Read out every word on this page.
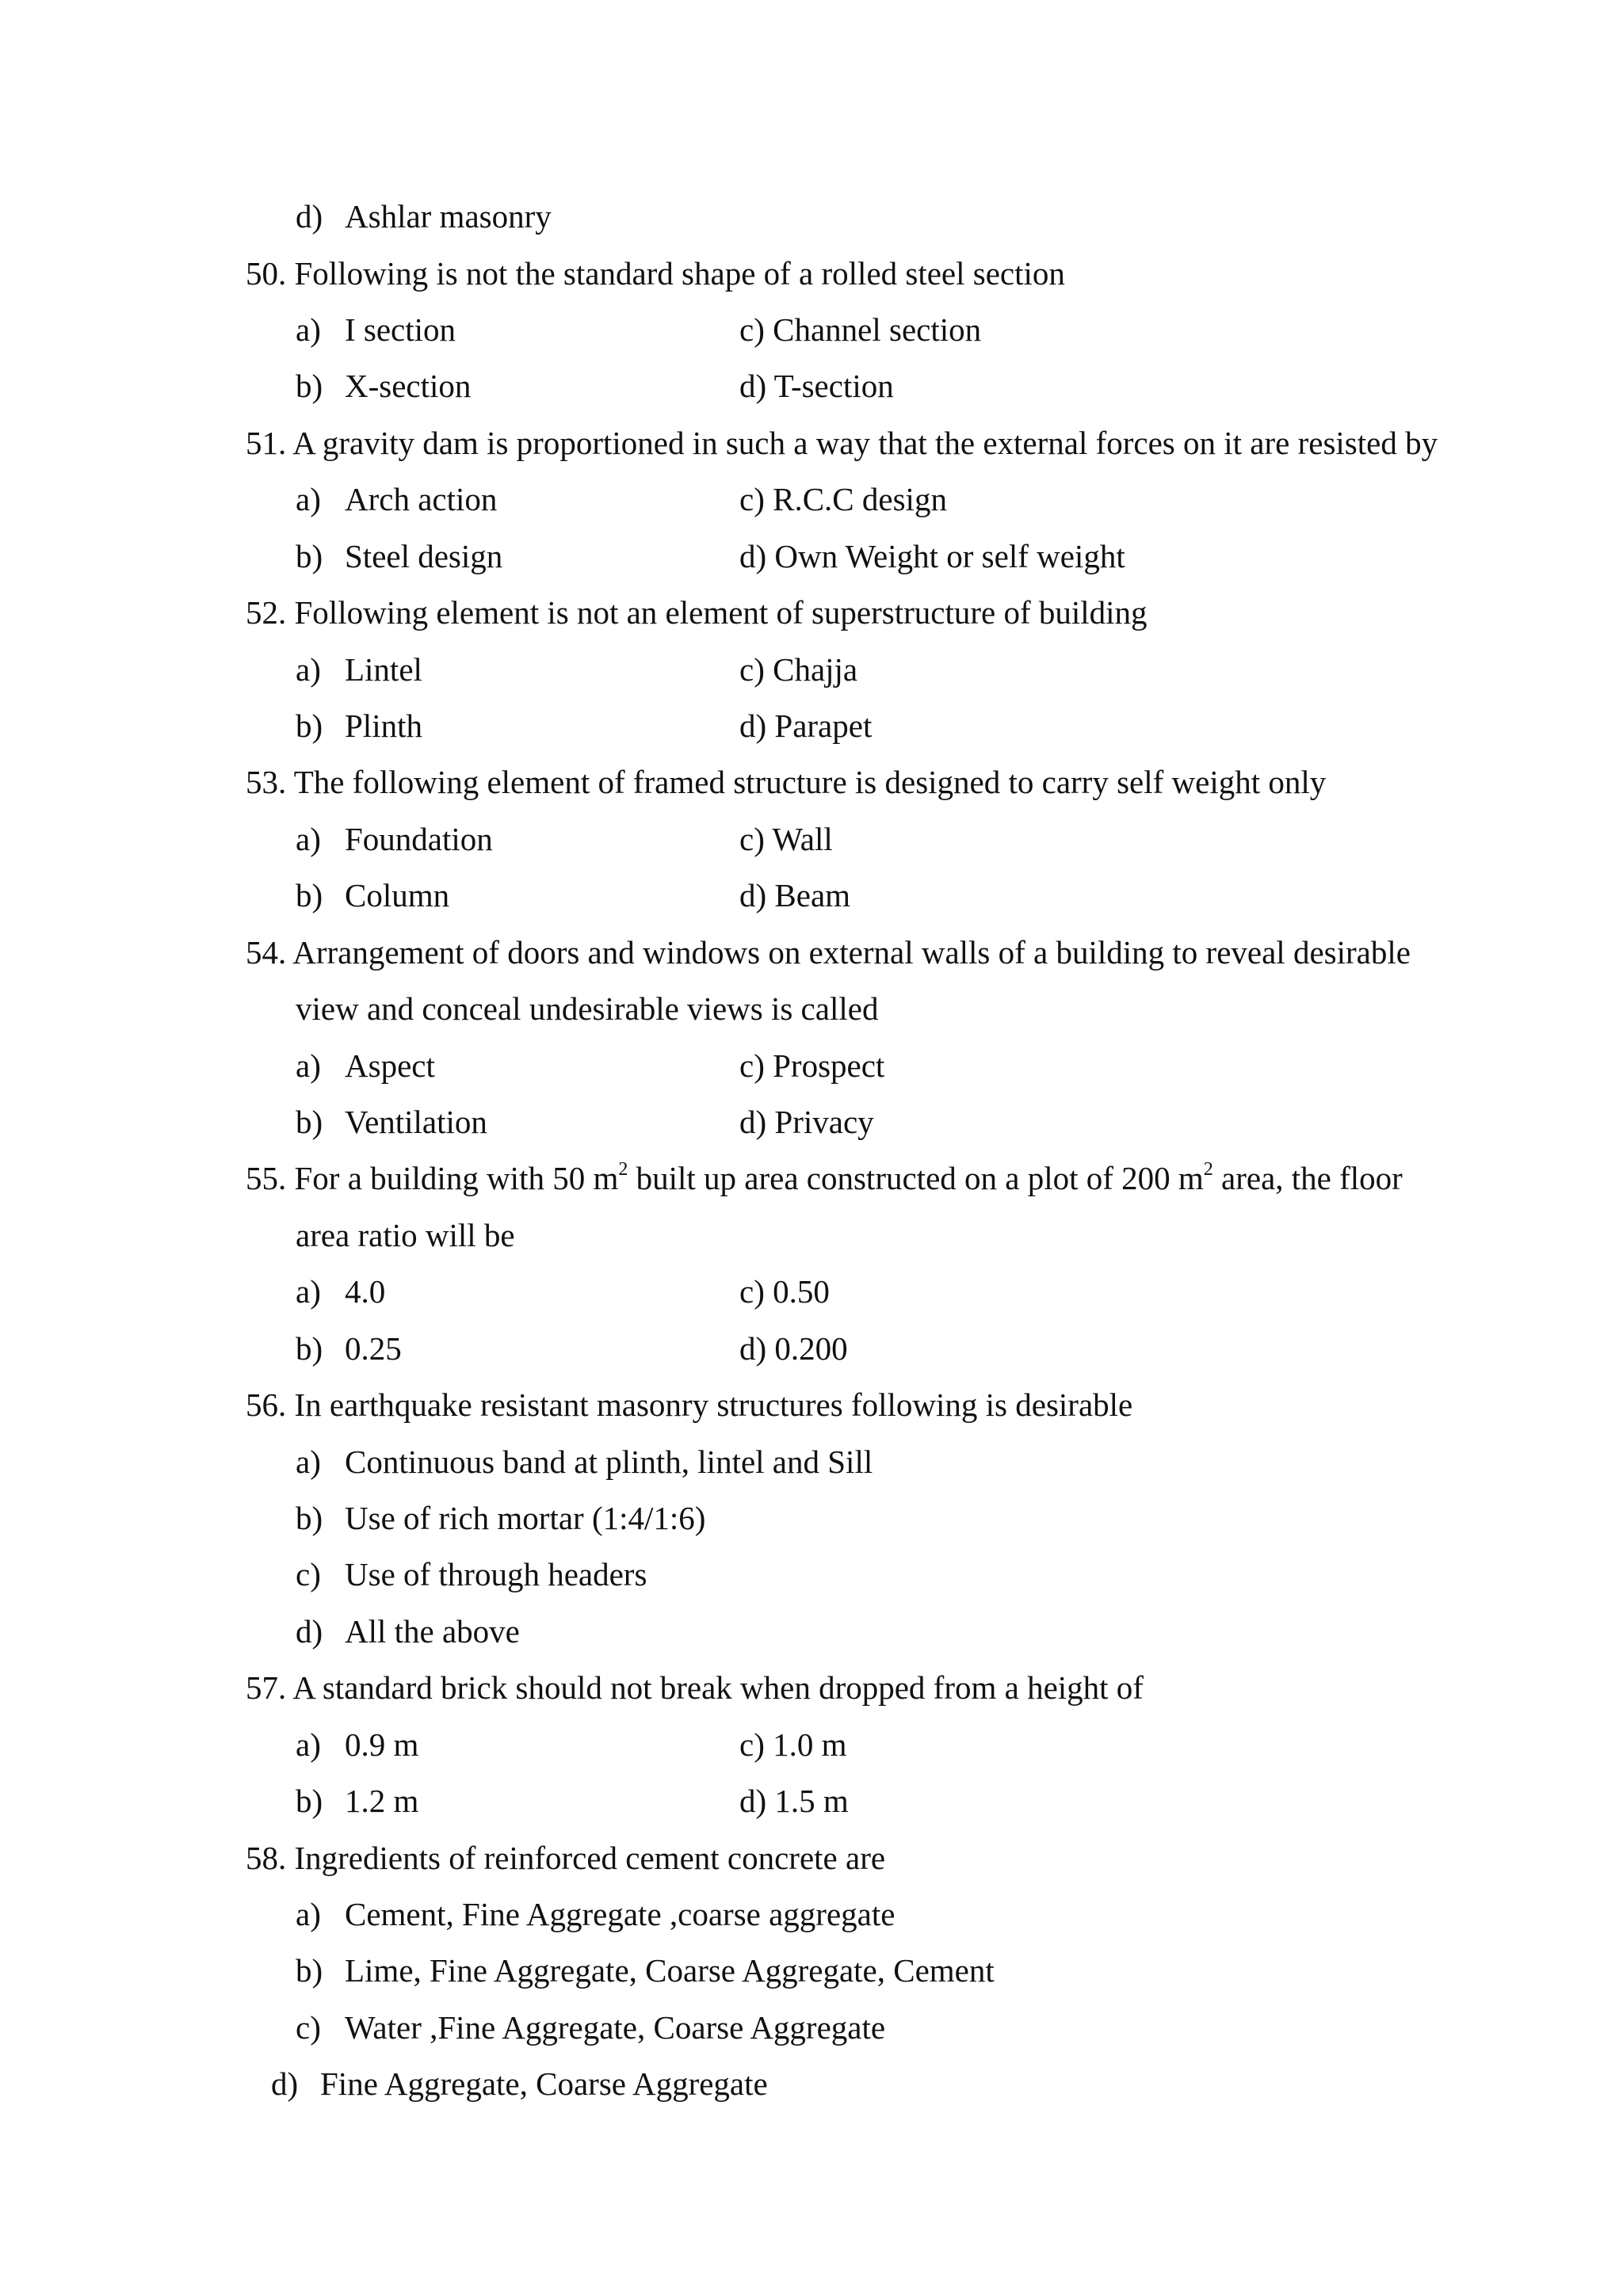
d) Ashlar masonry
50. Following is not the standard shape of a rolled steel section
a) I section	c) Channel section
b) X-section	d) T-section
51. A gravity dam is proportioned in such a way that the external forces on it are resisted by
a) Arch action	c) R.C.C design
b) Steel design	d) Own Weight or self weight
52. Following element is not an element of superstructure of building
a) Lintel	c) Chajja
b) Plinth	d) Parapet
53. The following element of framed structure is designed to carry self weight only
a) Foundation	c) Wall
b) Column	d) Beam
54. Arrangement of doors and windows on external walls of a building to reveal desirable
view and conceal undesirable views is called
a) Aspect	c) Prospect
b) Ventilation	d) Privacy
55. For a building with 50 $m^2$ built up area constructed on a plot of 200 $m^2$ area, the floor
area ratio will be
a) 4.0	c) 0.50
b) 0.25	d) 0.200
56. In earthquake resistant masonry structures following is desirable
a) Continuous band at plinth, lintel and Sill
b) Use of rich mortar (1:4/1:6)
c) Use of through headers
d) All the above
57. A standard brick should not break when dropped from a height of
a) 0.9 m	c) 1.0 m
b) 1.2 m	d) 1.5 m
58. Ingredients of reinforced cement concrete are
a) Cement, Fine Aggregate ,coarse aggregate
b) Lime, Fine Aggregate, Coarse Aggregate, Cement
c) Water ,Fine Aggregate, Coarse Aggregate
d) Fine Aggregate, Coarse Aggregate
